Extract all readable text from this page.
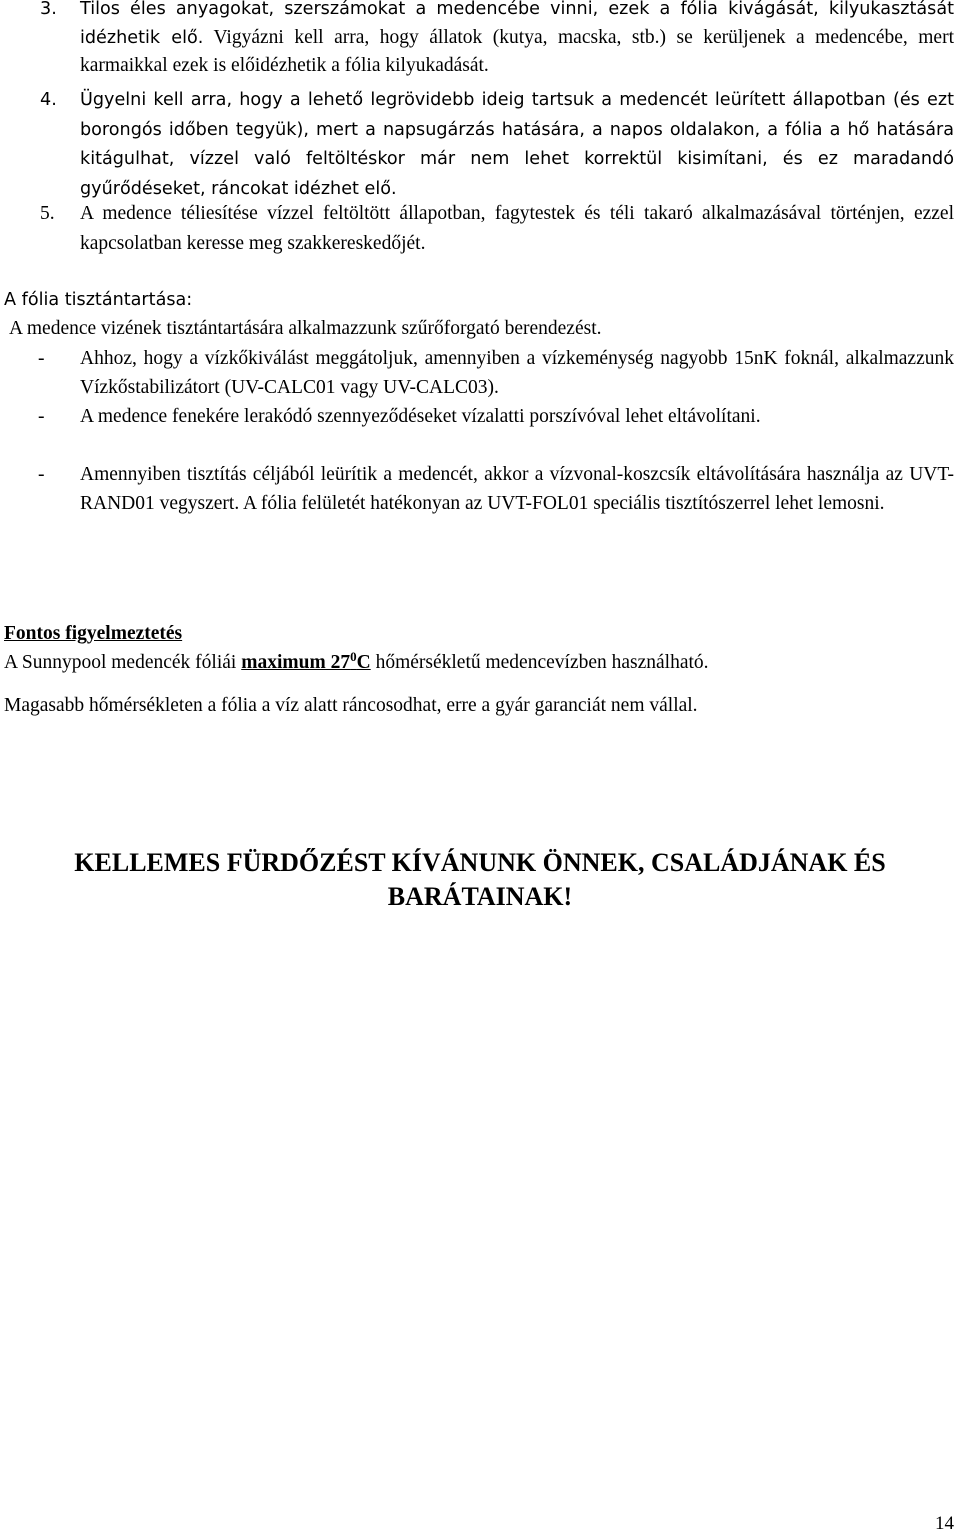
3. Tilos éles anyagokat, szerszámokat a medencébe vinni, ezek a fólia kivágását, kilyukasztását idézhetik elő. Vigyázni kell arra, hogy állatok (kutya, macska, stb.) se kerüljenek a medencébe, mert karmaikkal ezek is előidézhetik a fólia kilyukadását.
4. Ügyelni kell arra, hogy a lehető legrövidebb ideig tartsuk a medencét leürített állapotban (és ezt borongós időben tegyük), mert a napsugárzás hatására, a napos oldalakon, a fólia a hő hatására kitágulhat, vízzel való feltöltéskor már nem lehet korrektül kisimítani, és ez maradandó gyűrődéseket, ráncokat idézhet elő.
5. A medence téliesítése vízzel feltöltött állapotban, fagytestek és téli takaró alkalmazásával történjen, ezzel kapcsolatban keresse meg szakkereskedőjét.
A fólia tisztántartása:
A medence vizének tisztántartására alkalmazzunk szűrőforgató berendezést.
- Ahhoz, hogy a vízkőkiválást meggátoljuk, amennyiben a vízkeménység nagyobb 15nK foknál, alkalmazzunk Vízkőstabilizátort (UV-CALC01 vagy UV-CALC03).
- A medence fenekére lerakódó szennyeződéseket vízalatti porszívóval lehet eltávolítani.
- Amennyiben tisztítás céljából leürítik a medencét, akkor a vízvonal-koszcsík eltávolítására használja az UVT-RAND01 vegyszert. A fólia felületét hatékonyan az UVT-FOL01 speciális tisztítószerrel lehet lemosni.
Fontos figyelmeztetés
A Sunnypool medencék fóliái maximum $27^0C$ hőmérsékletű medencevízben használható.
Magasabb hőmérsékleten a fólia a víz alatt ráncosodhat, erre a gyár garanciát nem vállal.
KELLEMES FÜRDŐZÉST KÍVÁNUNK ÖNNEK, CSALÁDJÁNAK ÉS
BARÁTAINAK!
14
